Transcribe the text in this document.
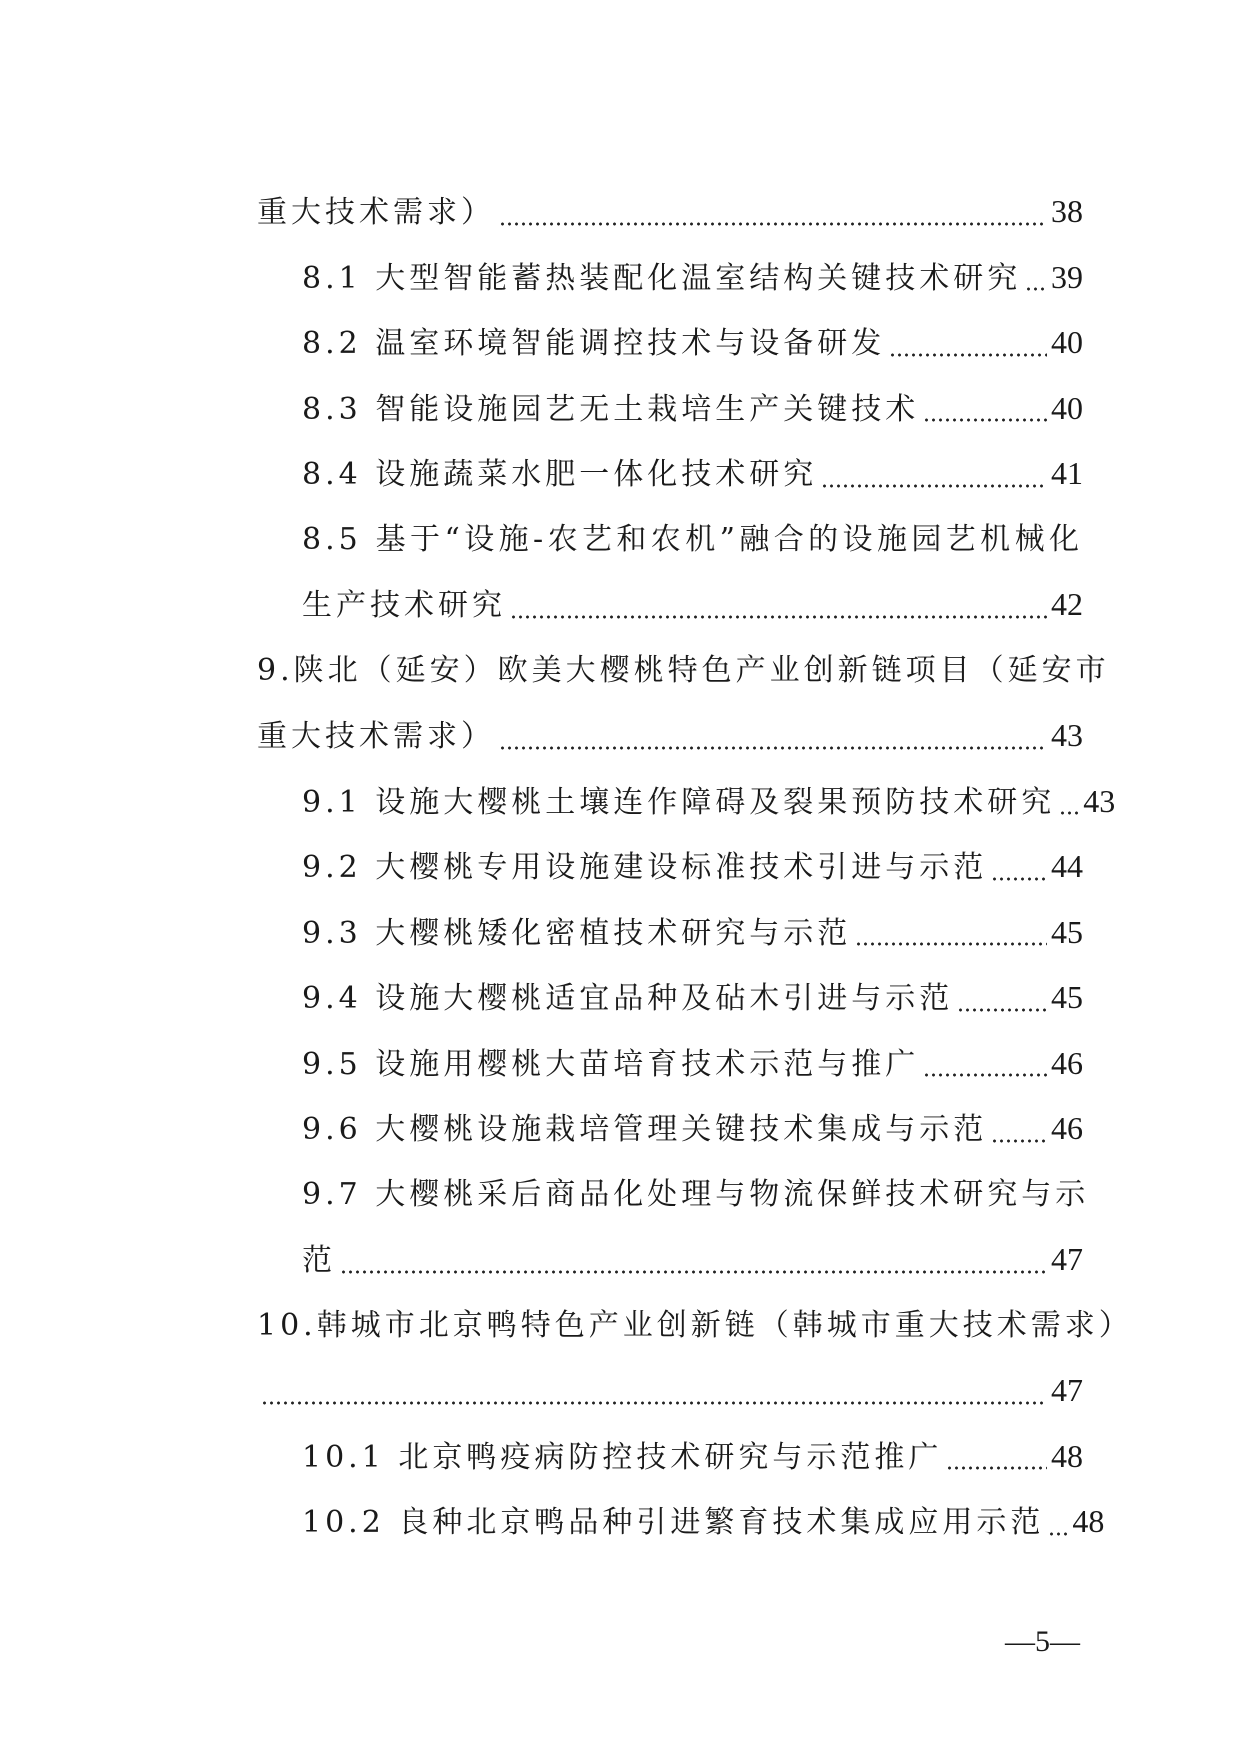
重大技术需求）	38
8.1 大型智能蓄热装配化温室结构关键技术研究 39
8.2 温室环境智能调控技术与设备研发	40
8.3 智能设施园艺无土栽培生产关键技术	40
8.4 设施蔬菜水肥一体化技术研究	41
8.5 基于“设施-农艺和农机”融合的设施园艺机械化
生产技术研究	42
9.陕北（延安）欧美大樱桃特色产业创新链项目（延安市
重大技术需求）	43
9.1 设施大樱桃土壤连作障碍及裂果预防技术研究 43
9.2 大樱桃专用设施建设标准技术引进与示范 44
9.3 大樱桃矮化密植技术研究与示范	45
9.4 设施大樱桃适宜品种及砧木引进与示范	45
9.5 设施用樱桃大苗培育技术示范与推广	46
9.6 大樱桃设施栽培管理关键技术集成与示范 46
9.7 大樱桃采后商品化处理与物流保鲜技术研究与示
范	47
10.韩城市北京鸭特色产业创新链（韩城市重大技术需求）
47
10.1 北京鸭疫病防控技术研究与示范推广	48
10.2 良种北京鸭品种引进繁育技术集成应用示范 48
—5—
